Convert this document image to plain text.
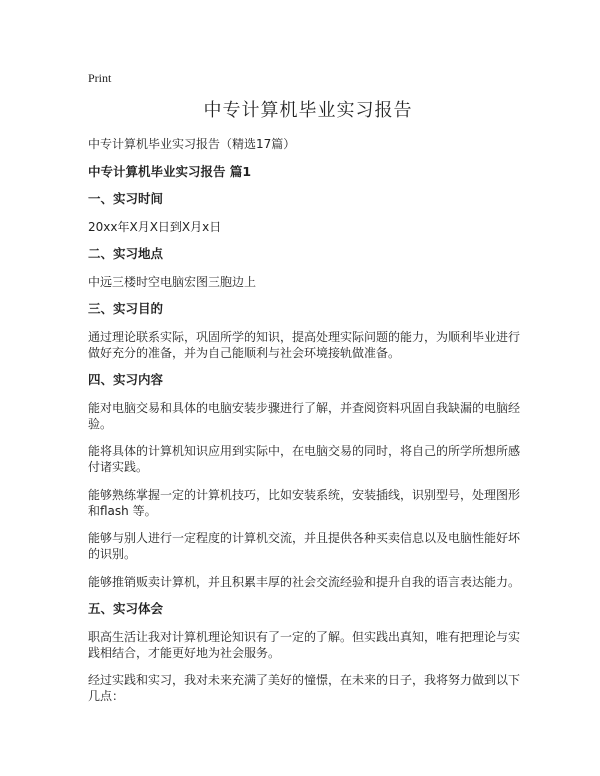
Print
中专计算机毕业实习报告

中专计算机毕业实习报告（精选17篇）

中专计算机毕业实习报告 篇1
一、实习时间

20xx年X月X日到X月x日

二、实习地点

中远三楼时空电脑宏图三胞边上

三、实习目的

通过理论联系实际，巩固所学的知识，提高处理实际问题的能力，为顺利毕业进行做好充分的准备，并为自己能顺利与社会环境接轨做准备。

四、实习内容

能对电脑交易和具体的电脑安装步骤进行了解，并查阅资料巩固自我缺漏的电脑经验。

能将具体的计算机知识应用到实际中，在电脑交易的同时，将自己的所学所想所感付诸实践。

能够熟练掌握一定的计算机技巧，比如安装系统，安装插线，识别型号，处理图形和flash 等。

能够与别人进行一定程度的计算机交流，并且提供各种买卖信息以及电脑性能好坏的识别。

能够推销贩卖计算机，并且积累丰厚的社会交流经验和提升自我的语言表达能力。

五、实习体会

职高生活让我对计算机理论知识有了一定的了解。但实践出真知，唯有把理论与实践相结合，才能更好地为社会服务。

经过实践和实习，我对未来充满了美好的憧憬，在未来的日子，我将努力做到以下几点：
